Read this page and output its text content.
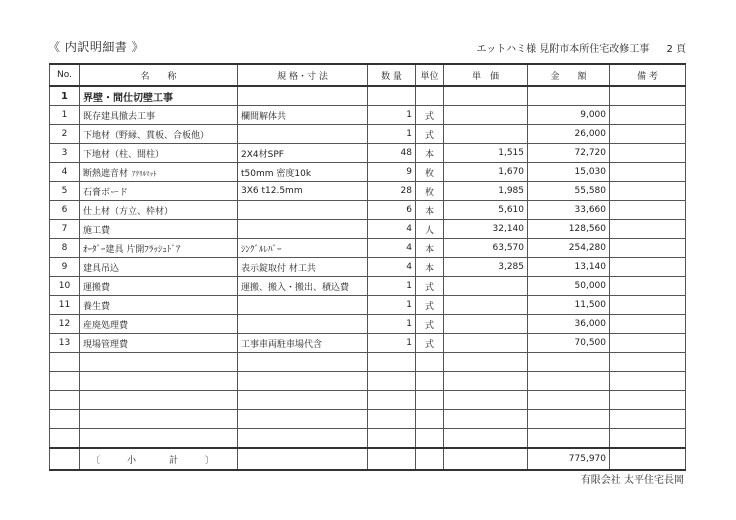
《 内訳明細書 》	エットハミ様 見附市本所住宅改修工事 2 頁
No.	名　　称	規 格・寸 法	数 量	単位	単　価	金　　額	備 考
1	界壁・間仕切壁工事						
1	既存建具撤去工事	欄間解体共	1	式		9,000	
2	下地材（野縁、貫板、合板他）		1	式		26,000	
3	下地材（柱、間柱）	2X4材SPF	48	本	1,515	72,720	
4	断熱遮音材 ｱｸﾘﾙﾏｯﾄ	t50mm 密度10k	9	枚	1,670	15,030	
5	石膏ボード	3X6 t12.5mm	28	枚	1,985	55,580	
6	仕上材（方立、枠材）		6	本	5,610	33,660	
7	施工費		4	人	32,140	128,560	
8	ｵｰﾀﾞｰ建具 片開ﾌﾗｯｼｭﾄﾞｱ	ｼﾝｸﾞﾙﾚﾊﾞｰ	4	本	63,570	254,280	
9	建具吊込	表示錠取付 材工共	4	本	3,285	13,140	
10	運搬費	運搬、搬入・搬出、積込費	1	式		50,000	
11	養生費		1	式		11,500	
12	産廃処理費		1	式		36,000	
13	現場管理費	工事車両駐車場代含	1	式		70,500	

	〔 小　計 〕					775,970	
有限会社 太平住宅長岡
